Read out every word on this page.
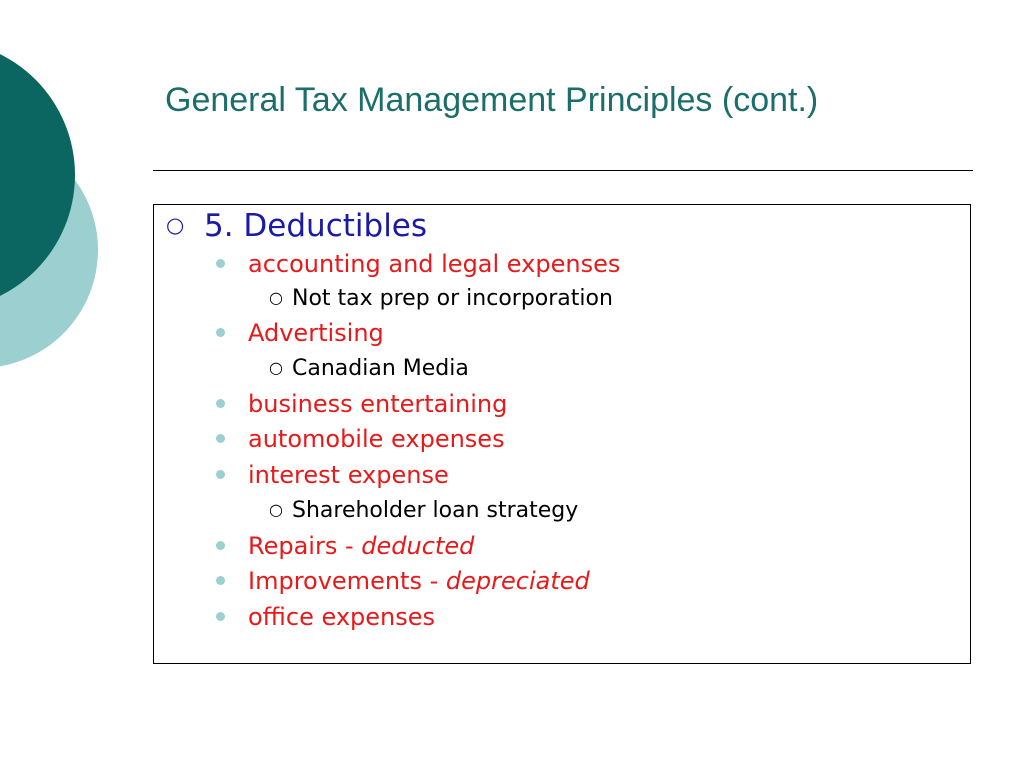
General Tax Management Principles (cont.)
○ 5. Deductibles
accounting and legal expenses
○ Not tax prep or incorporation
Advertising
○ Canadian Media
business entertaining
automobile expenses
interest expense
○ Shareholder loan strategy
Repairs - deducted
Improvements - depreciated
office expenses
